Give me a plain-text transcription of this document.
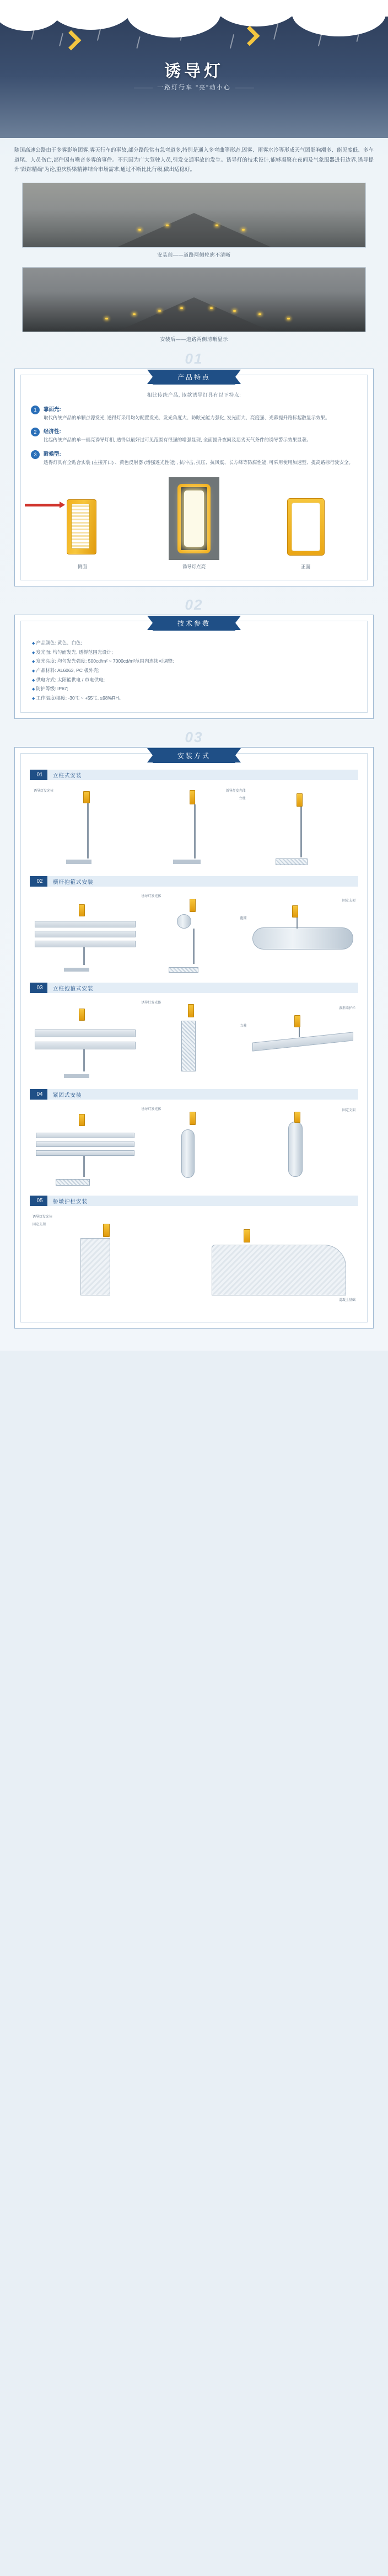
诱导灯
一路灯行车 "亮"动小心
随国高速公路由于多雾影响团雾,雾天行车的事故,部分路段常有急弯道多,特别是通入多弯曲等形态,因雾、雨雾水冷等形成天气团影响潮多、能见度低、多车道尾、人员伤亡,部件因有噪音多雾的事件。不只因为广大驾驶人员,引发交通事故的发生。诱导灯的技术设计,能够凝聚在夜间及气象服器进行边界,诱导提升"跟踪精确"为论,重庆桥梁精神结合市场需求,通过不断比比行级,做出适稳好。
安装前——道路两侧轮廓不清晰
安装后——道路两侧清晰显示
01
产品特点
相比传统产品, 该款诱导灯具有以下特点:
1	靠面光:
取代传统产品的单颗点源发光, 透得灯采用均匀配置发光、发光角度大、防眩光能力强化, 发光面大、亮度强、光幕提升路标起散显示效果。
2	经济性:
比起传统产品的单一最亮诱导灯相, 透得以最好过可见范围有很强的增强显现, 全面提升夜间及恶劣天气条件的诱导警示效果显著。
3	耐候型:
透得灯具有全贴合实装 (左接开口) 、黄色反射器 (增强透光性能) , 抗冲击, 抗压、抗风震、长方峰等防腐性能, 可采用使用加速型、提高路标行驶安全。
侧面	诱导灯点亮	正面
02
技术参数
◆ 产品颜色: 黄色、白色;
◆ 发光面: 均匀面发光, 透得范围光设计;
◆ 发光亮度: 均匀发光强度: 500cd/m² ~ 7000cd/m²范围内连续可调整;
◆ 产品材料: AL6063, PC 板外壳;
◆ 供电方式: 太阳能供电 / 市电供电;
◆ 防护等级: IP67;
◆ 工作温度/湿度: -30℃ ~ +55℃, ≤98%RH。
03
安装方式
01	立柱式安装
诱导灯发光体
立柱
诱导灯发光体
02	横杆抱箍式安装
诱导灯发光体
抱箍
固定支架
03	立柱抱箍式安装
诱导灯发光体
立柱
波形梁护栏
04	紧固式安装
诱导灯发光体	固定支架
05	桥墩护栏安装
诱导灯发光体
固定支架
混凝土基础
